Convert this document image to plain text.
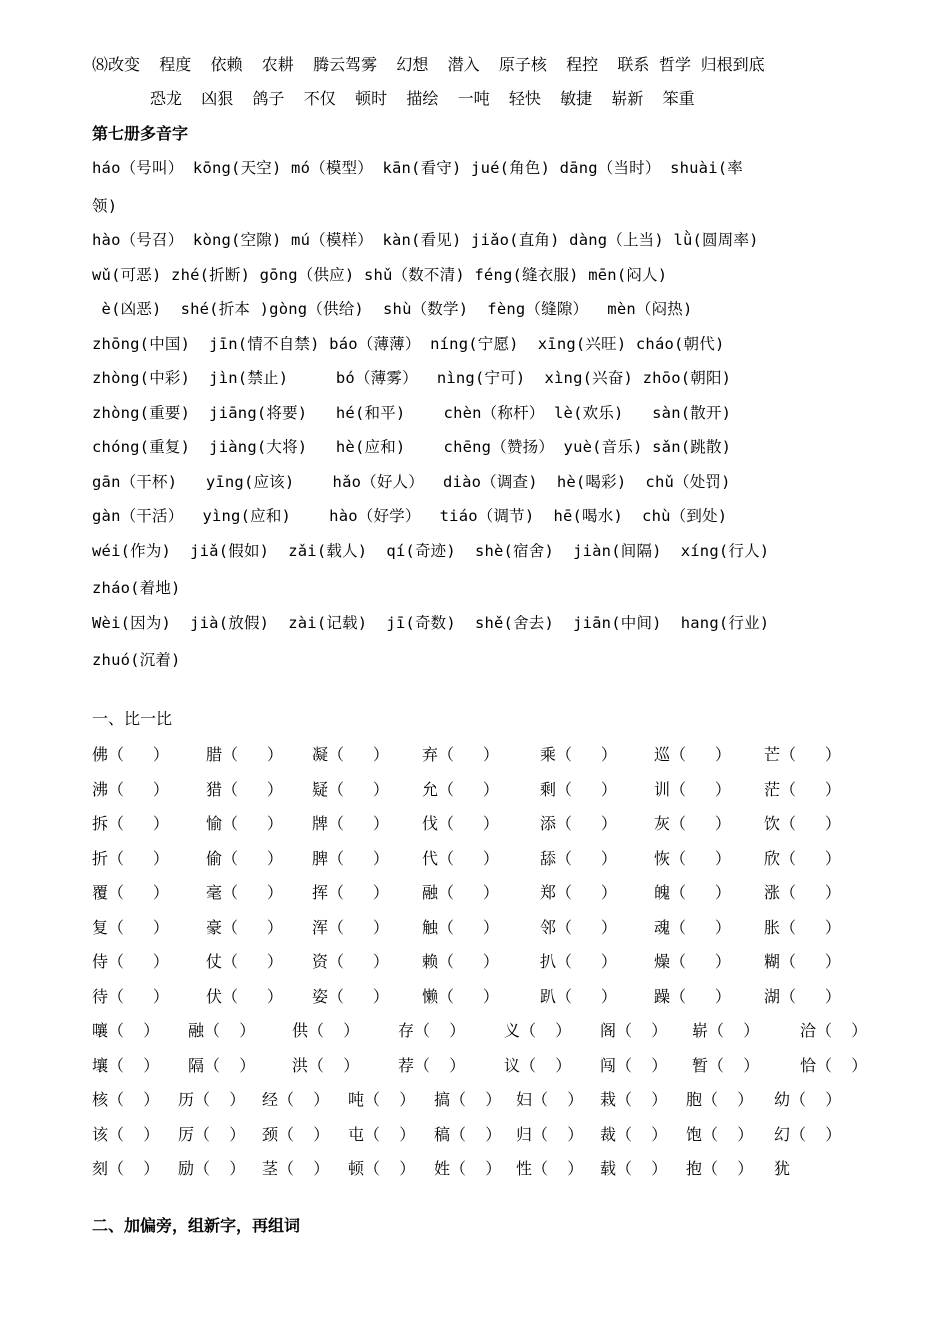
⑻改变  程度  依赖  农耕  腾云驾雾  幻想  潜入  原子核  程控  联系 哲学 归根到底
恐龙  凶狠  鸽子  不仅  顿时  描绘  一吨  轻快  敏捷  崭新  笨重
第七册多音字
háo（号叫） kōng(天空) mó（模型） kān(看守) jué(角色) dāng（当时） shuài(率
领)
hào（号召） kòng(空隙) mú（模样） kàn(看见) jiǎo(直角) dàng（上当) lǜ(圆周率)
wǔ(可恶) zhé(折断) gōng（供应) shǔ（数不清) féng(缝衣服) mēn(闷人)
è(凶恶)  shé(折本 )gòng（供给)  shù（数学)  fèng（缝隙）  mèn（闷热)
zhōng(中国)  jīn(情不自禁) báo（薄薄） níng(宁愿)  xīng(兴旺) cháo(朝代)
zhòng(中彩)  jìn(禁止)     bó（薄雾）  nìng(宁可)  xìng(兴奋) zhōo(朝阳)
zhòng(重要)  jiāng(将要)   hé(和平)    chèn（称杆） lè(欢乐)   sàn(散开)
chóng(重复)  jiàng(大将)   hè(应和)    chēng（赞扬） yuè(音乐) sǎn(跳散)
gān（干杯)   yīng(应该)    hǎo（好人）  diào（调查)  hè(喝彩)  chǔ（处罚)
gàn（干活）  yìng(应和)    hào（好学）  tiáo（调节)  hē(喝水)  chù（到处)
wéi(作为)  jiǎ(假如)  zǎi(载人)  qí(奇迹)  shè(宿舍)  jiàn(间隔)  xíng(行人)
zháo(着地)
Wèi(因为)  jià(放假)  zài(记载)  jī(奇数)  shě(舍去)  jiān(中间)  hang(行业)
zhuó(沉着)
一、比一比
佛（   ） 腊（   ） 凝（   ） 弃（   ）	乘（   ） 巡（   ） 芒（   ）
沸（   ） 猎（   ） 疑（   ） 允（   ）	剩（   ） 训（   ） 茫（   ）
拆（   ） 愉（   ） 牌（   ） 伐（   ）	添（   ） 灰（   ） 饮（   ）
折（   ） 偷（   ） 脾（   ） 代（   ）	舔（   ） 恢（   ） 欣（   ）
覆（   ） 毫（   ） 挥（   ） 融（   ）	郑（   ） 魄（   ） 涨（   ）
复（   ） 豪（   ） 浑（   ） 触（   ）	邻（   ） 魂（   ） 胀（   ）
侍（   ） 仗（   ） 资（   ） 赖（   ）	扒（   ） 燥（   ） 糊（   ）
待（   ） 伏（   ） 姿（   ） 懒（   ）	趴（   ） 躁（   ） 湖（   ）
嚷（  ） 融（  ） 供（  ） 存（  ） 义（  ） 阁（  ） 崭（  ）	洽（  ）
壤（  ） 隔（  ） 洪（  ） 荐（  ） 议（  ） 闯（  ） 暂（  ）	恰（  ）
核（  ） 历（  ） 经（  ） 吨（  ） 搞（  ） 妇（  ） 栽（  ） 胞（  ） 幼（  ）
该（  ） 厉（  ） 颈（  ） 屯（  ） 稿（  ） 归（  ） 裁（  ） 饱（  ） 幻（  ）
刻（  ） 励（  ） 茎（  ） 顿（  ） 姓（  ） 性（  ） 载（  ） 抱（  ） 犹
二、加偏旁，组新字，再组词
